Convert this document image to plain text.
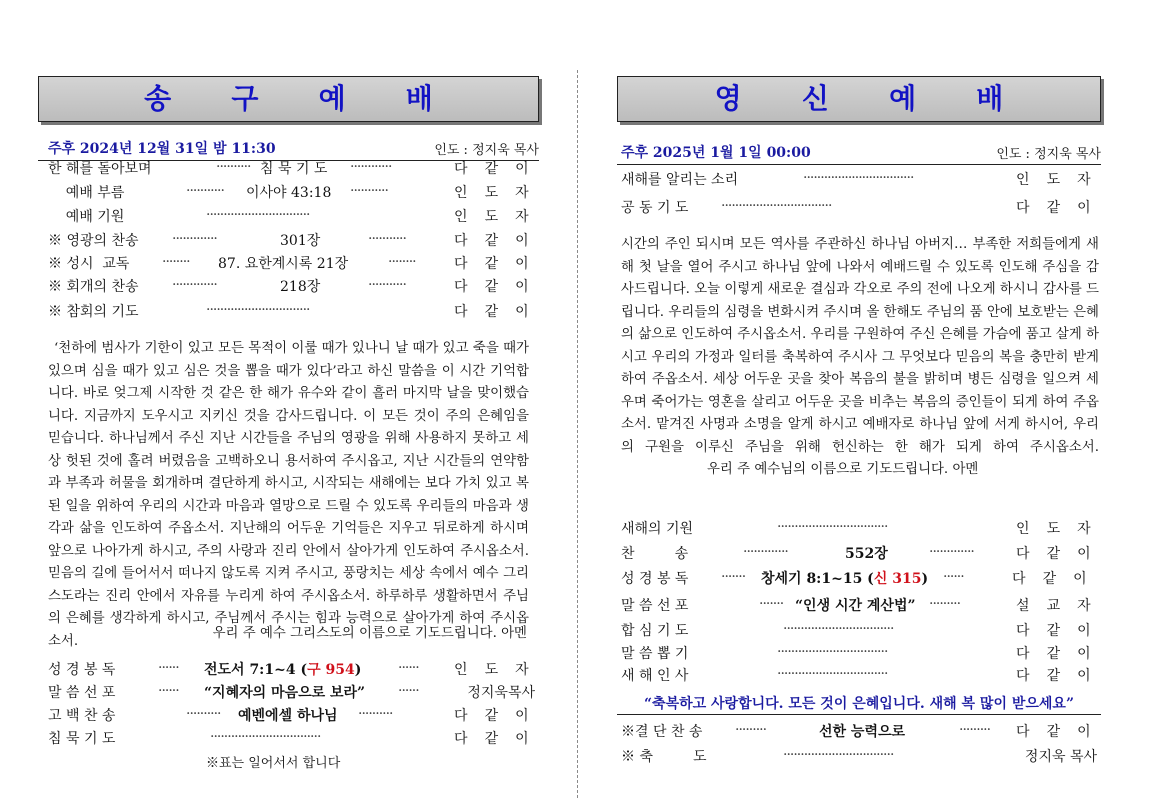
송 구 예 배
주후 2024년 12월 31일 밤 11:30	인도 : 정지욱 목사
한 해를 돌아보며	·········· 침 묵 기 도 ············	다 같 이
예배 부름	··········· 이사야 43:18 ···········	인 도 자
예배 기원	······························	인 도 자
※ 영광의 찬송 ·············	301장	···········	다 같 이
※ 성시  교독 ········ 87. 요한계시록 21장	········	다 같 이
※ 회개의 찬송 ·············	218장	···········	다 같 이
※ 참회의 기도	······························	다 같 이
‘천하에 범사가 기한이 있고 모든 목적이 이룰 때가 있나니 날 때가 있고 죽을 때가 있으며 심을 때가 있고 심은 것을 뽑을 때가 있다’라고 하신 말씀을 이 시간 기억합니다. 바로 엊그제 시작한 것 같은 한 해가 유수와 같이 흘러 마지막 날을 맞이했습니다. 지금까지 도우시고 지키신 것을 감사드립니다. 이 모든 것이 주의 은혜임을 믿습니다. 하나님께서 주신 지난 시간들을 주님의 영광을 위해 사용하지 못하고 세상 헛된 것에 홀려 버렸음을 고백하오니 용서하여 주시옵고, 지난 시간들의 연약함과 부족과 허물을 회개하며 결단하게 하시고, 시작되는 새해에는 보다 가치 있고 복된 일을 위하여 우리의 시간과 마음과 열망으로 드릴 수 있도록 우리들의 마음과 생각과 삶을 인도하여 주옵소서. 지난해의 어두운 기억들은 지우고 뒤로하게 하시며 앞으로 나아가게 하시고, 주의 사랑과 진리 안에서 살아가게 인도하여 주시옵소서. 믿음의 길에 들어서서 떠나지 않도록 지켜 주시고, 풍랑치는 세상 속에서 예수 그리스도라는 진리 안에서 자유를 누리게 하여 주시옵소서. 하루하루 생활하면서 주님의 은혜를 생각하게 하시고, 주님께서 주시는 힘과 능력으로 살아가게 하여 주시옵소서.	우리 주 예수 그리스도의 이름으로 기도드립니다. 아멘
성 경 봉 독	······ 전도서 7:1~4 (구 954)	······	인 도 자
말 씀 선 포	······ “지혜자의 마음으로 보라” ······	정지욱목사
고 백 찬 송	·········· 예벤에셀 하나님 ··········	다 같 이
침 묵 기 도	································	다 같 이
※표는 일어서서 합니다
영 신 예 배
주후 2025년 1월 1일 00:00	인도 : 정지욱 목사
새해를 알리는 소리	································	인 도 자
공 동 기 도 ································	다 같 이
시간의 주인 되시며 모든 역사를 주관하신 하나님 아버지… 부족한 저희들에게 새해 첫 날을 열어 주시고 하나님 앞에 나와서 예배드릴 수 있도록 인도해 주심을 감사드립니다. 오늘 이렇게 새로운 결심과 각오로 주의 전에 나오게 하시니 감사를 드립니다. 우리들의 심령을 변화시켜 주시며 올 한해도 주님의 품 안에 보호받는 은혜의 삶으로 인도하여 주시옵소서. 우리를 구원하여 주신 은혜를 가슴에 품고 살게 하시고 우리의 가정과 일터를 축복하여 주시사 그 무엇보다 믿음의 복을 충만히 받게 하여 주옵소서. 세상 어두운 곳을 찾아 복음의 불을 밝히며 병든 심령을 일으켜 세우며 죽어가는 영혼을 살리고 어두운 곳을 비추는 복음의 증인들이 되게 하여 주옵소서. 맡겨진 사명과 소명을 알게 하시고 예배자로 하나님 앞에 서게 하시어, 우리의 구원을 이루신 주님을 위해 헌신하는 한 해가 되게 하여 주시옵소서.우리 주 예수님의 이름으로 기도드립니다. 아멘
새해의 기원	································	인 도 자
찬         송	·············	552장	·············	다 같 이
성 경 봉 독 ······· 창세기 8:1~15 (신 315) ······	다 같 이
말 씀 선 포	······· “인생 시간 계산법” ·········	설 교 자
합 심 기 도	································	다 같 이
말 씀 뽑 기	································	다 같 이
새 해 인 사	································	다 같 이
“축복하고 사랑합니다. 모든 것이 은혜입니다. 새해 복 많이 받으세요”
※결 단 찬 송 ·········	선한 능력으로	········· 다 같 이
※ 축         도	································	정지욱 목사
